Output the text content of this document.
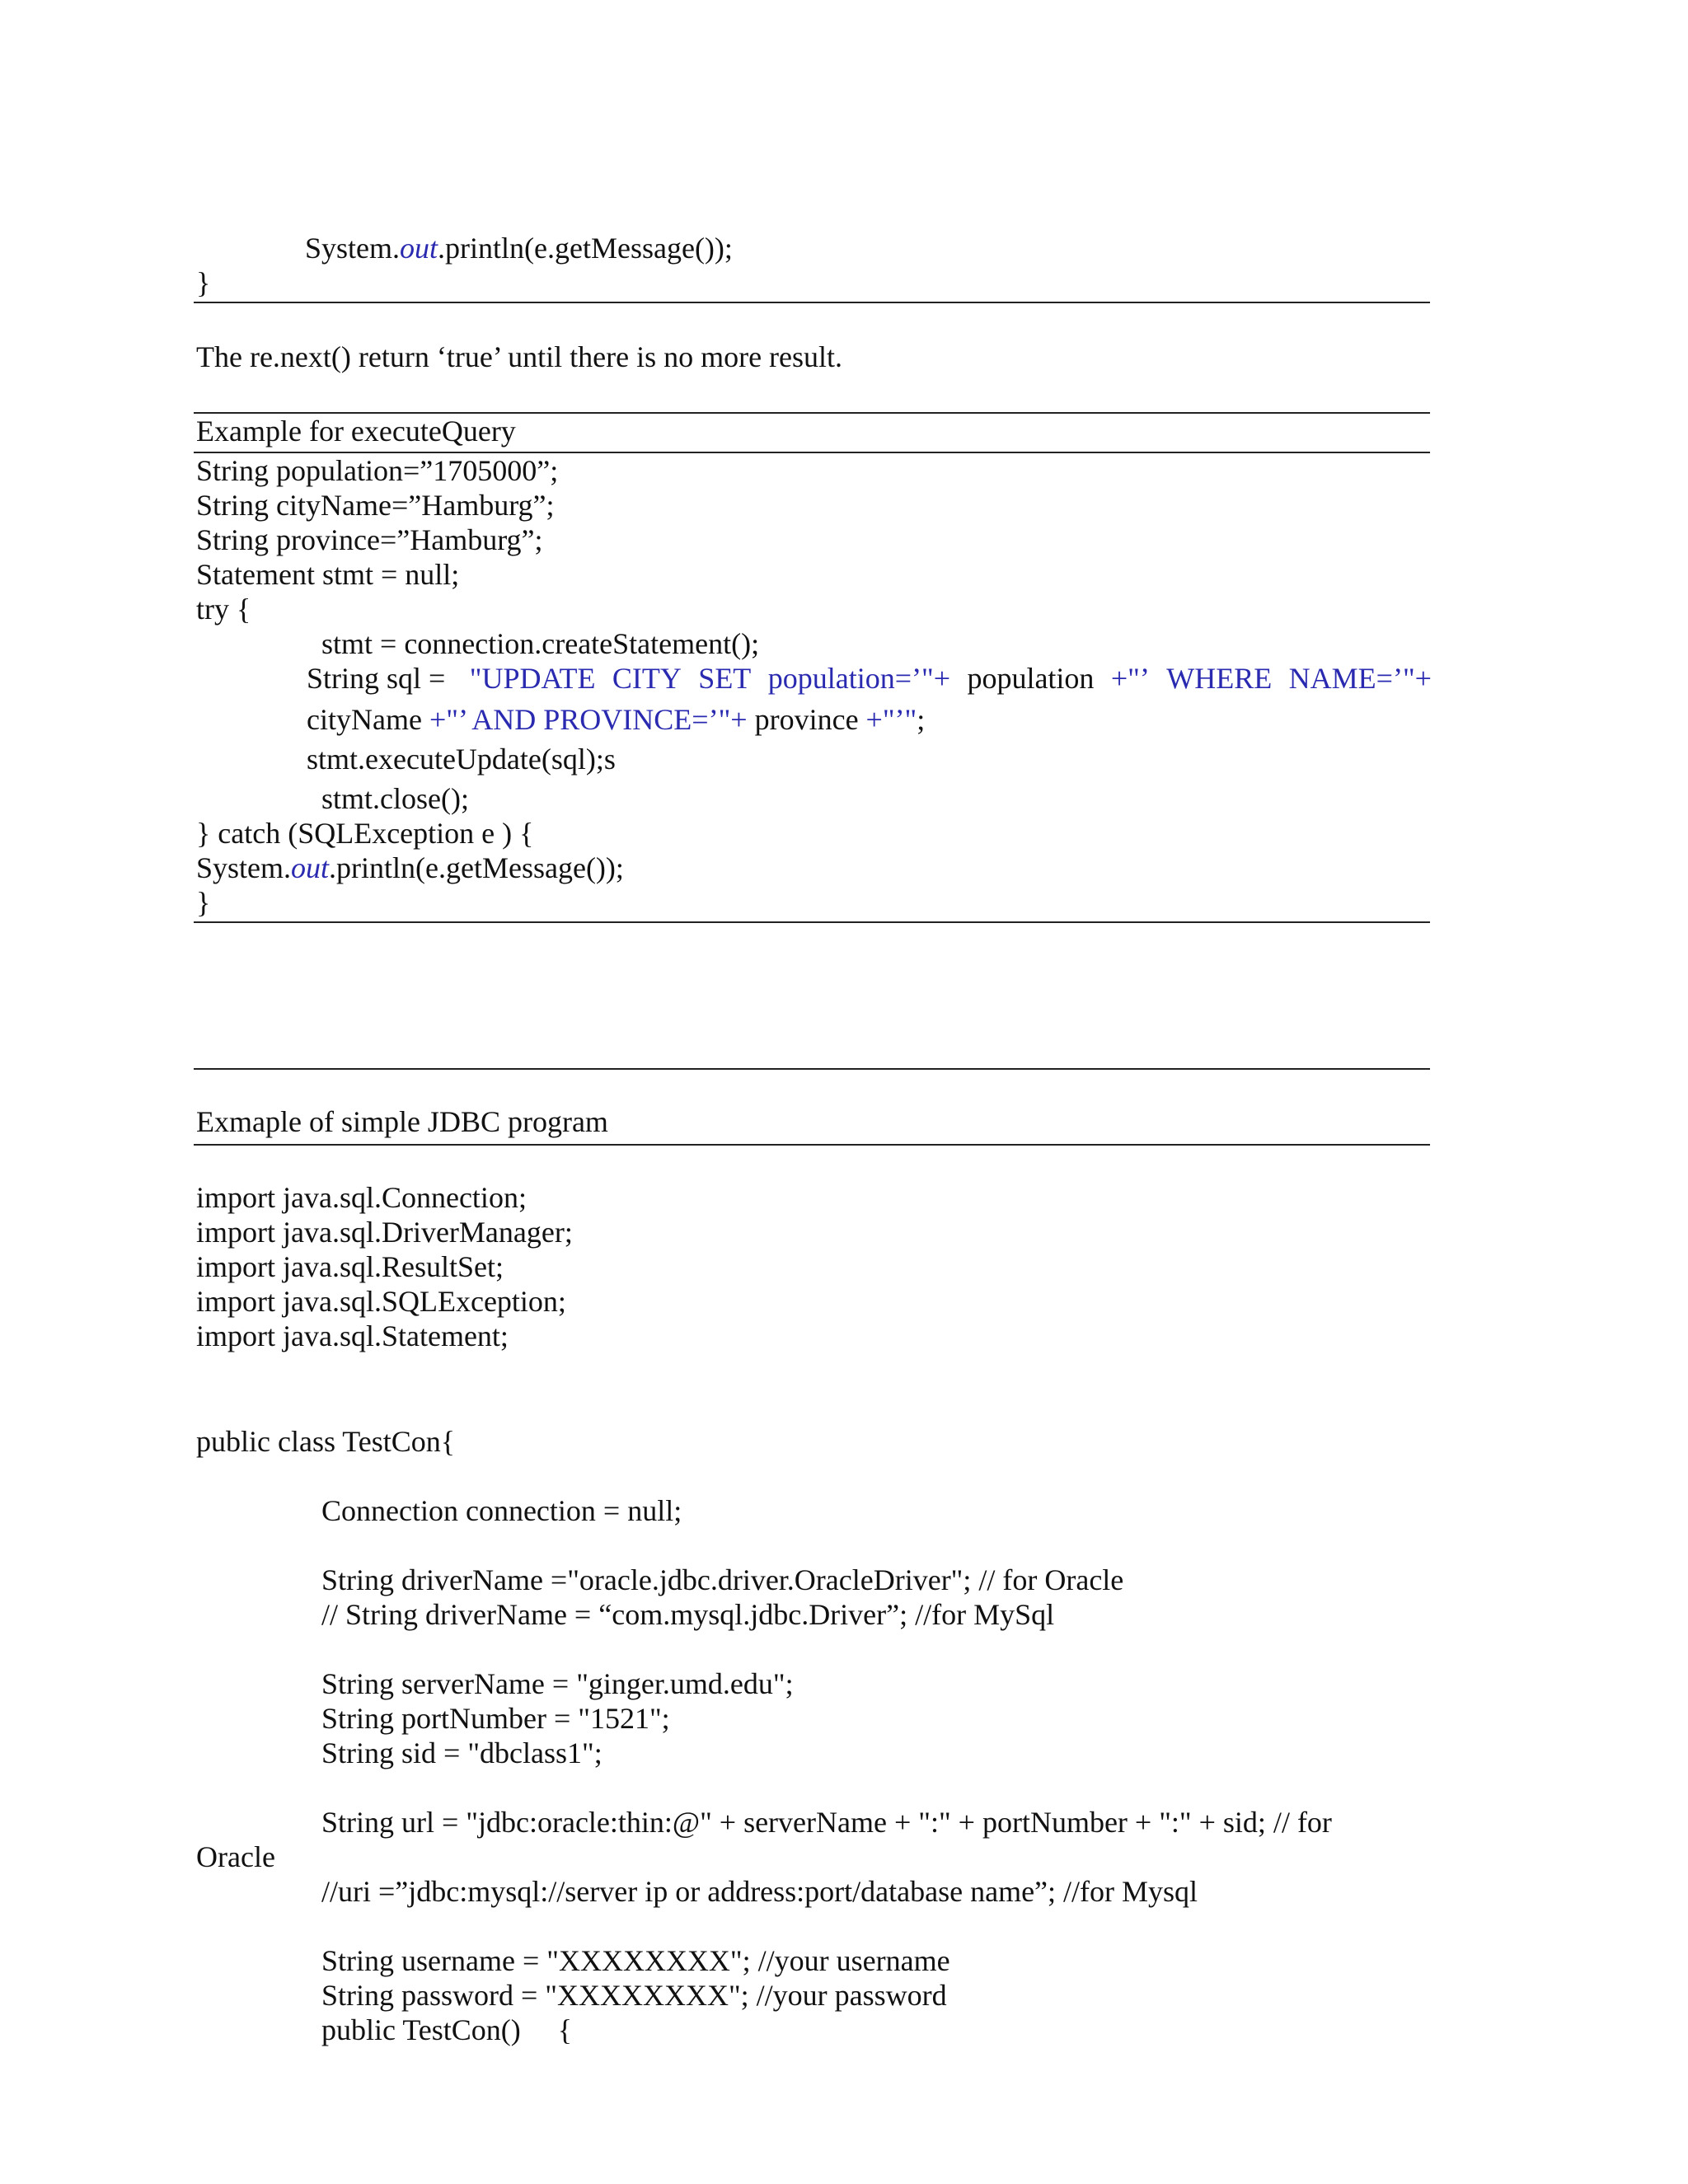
System.out.println(e.getMessage());
}
The re.next() return ‘true’ until there is no more result.
Example for executeQuery
String population=”1705000”;
String cityName=”Hamburg”;
String province=”Hamburg”;
Statement stmt = null;
try {
stmt = connection.createStatement();
String sql = "UPDATE CITY SET population=’"+ population +"’ WHERE NAME=’"+
cityName +"’ AND PROVINCE=’"+ province +"’";
stmt.executeUpdate(sql);s
stmt.close();
} catch (SQLException e ) {
System.out.println(e.getMessage());
}
Exmaple of simple JDBC program
import java.sql.Connection;
import java.sql.DriverManager;
import java.sql.ResultSet;
import java.sql.SQLException;
import java.sql.Statement;
public class TestCon{
Connection connection = null;
String driverName ="oracle.jdbc.driver.OracleDriver"; // for Oracle
// String driverName = “com.mysql.jdbc.Driver”; //for MySql
String serverName = "ginger.umd.edu";
String portNumber = "1521";
String sid = "dbclass1";
String url = "jdbc:oracle:thin:@" + serverName + ":" + portNumber + ":" + sid; // for
Oracle
//uri =”jdbc:mysql://server ip or address:port/database name”; //for Mysql
String username = "XXXXXXXX"; //your username
String password = "XXXXXXXX"; //your password
public TestCon()     {
